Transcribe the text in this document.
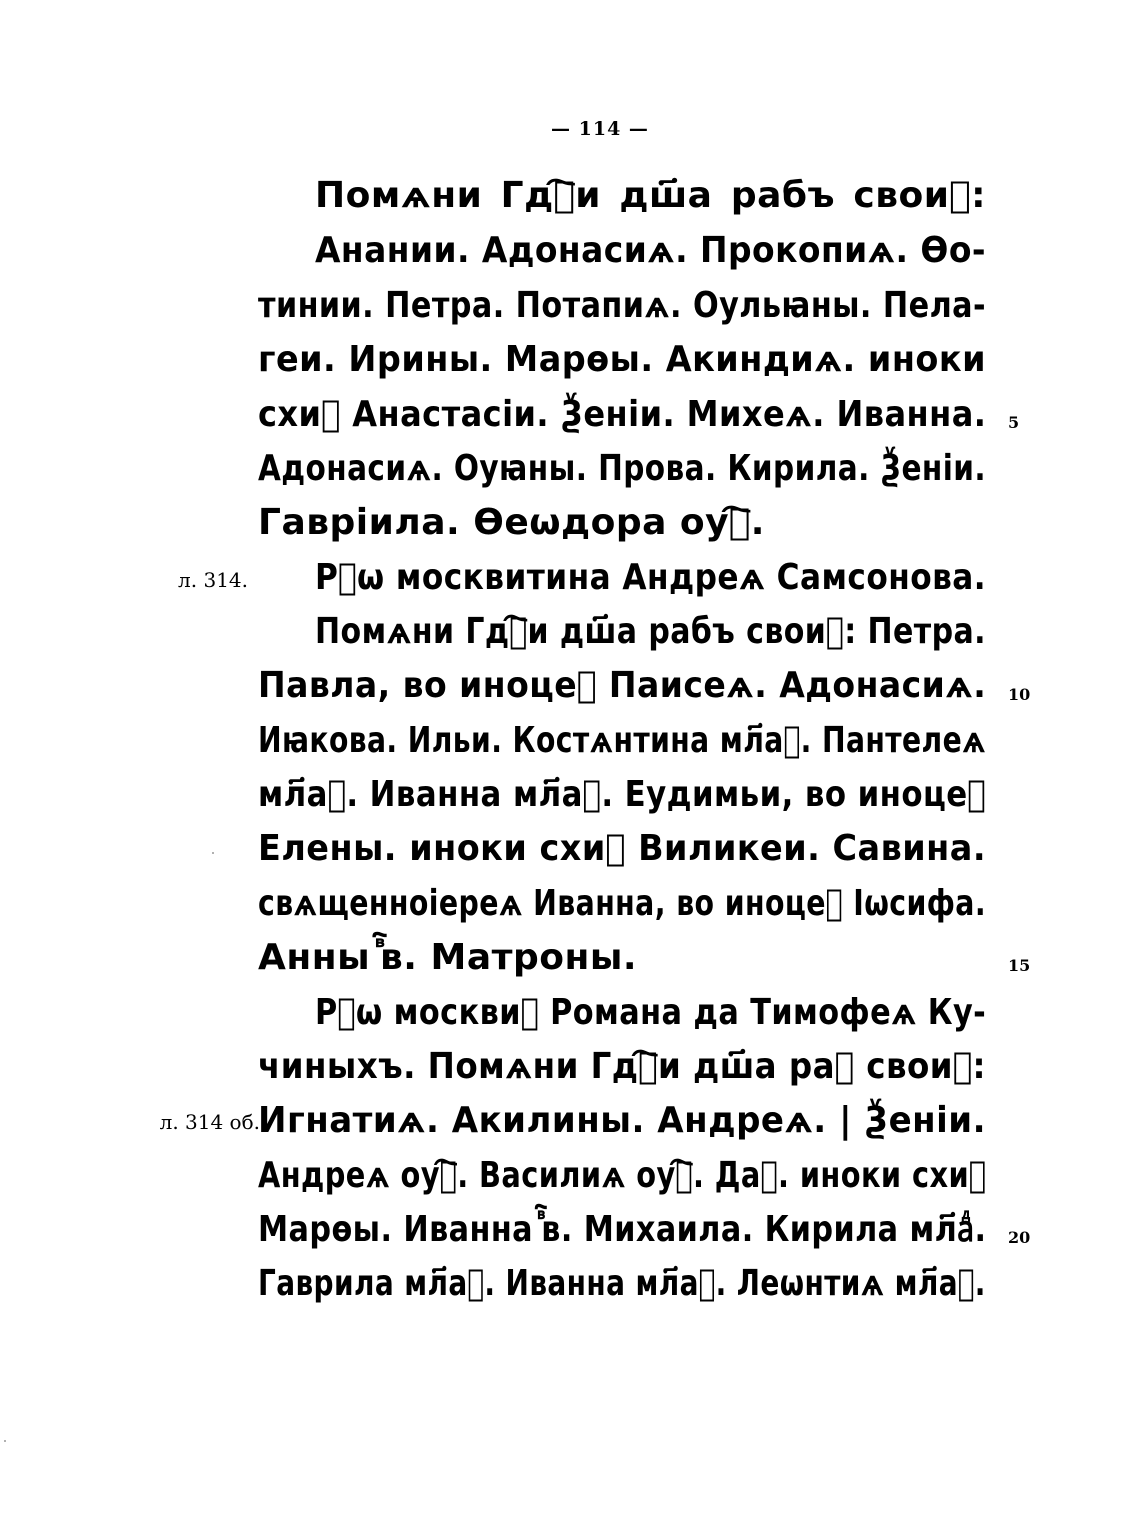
— 114 —
л. 314.
л. 314 об.
Помѧни Гдⷭ҇и дш҃а рабъ своиⷯ:
Анании. Адонасиѧ. Прокопиѧ. Ѳо-
тинии. Петра. Потапиѧ. Оульꙗны. Пела-
геи. Ирины. Марѳы. Акиндиѧ. иноки
схиⷨ Анастасіи. Ѯеніи. Михеѧ. Иванна.
Адонасиѧ. Оуꙗны. Прова. Кирила. Ѯеніи.
Гавріила. Ѳеѡдора оуⷠ҇.
Рⷣѡ москвитина Андреѧ Самсонова.
Помѧни Гдⷭ҇и дш҃а рабъ своиⷯ: Петра.
Павла, во иноцеⷯ Паисеѧ. Адонасиѧ.
Иꙗкова. Ильи. Костѧнтина мл҃аⷣ. Пантелеѧ
мл҃аⷣ. Иванна мл҃аⷣ. Еудимьи, во иноцеⷯ
Елены. иноки схиⷨ Виликеи. Савина.
свѧщенноіереѧ Иванна, во иноцеⷯ Іѡсифа.
Анны ⷡ҇в. Матроны.
Рⷣѡ москвиⷡ Романа да Тимофеѧ Ку-
чиныхъ. Помѧни Гдⷭ҇и дш҃а раⷠ своиⷯ:
Игнатиѧ. Акилины. Андреѧ. | Ѯеніи.
Андреѧ оуⷠ҇. Василиѧ оуⷠ҇. Даⷩ. иноки схиⷨ
Марѳы. Иванна ⷡ҇в. Михаила. Кирила мл҃аⷣ.
Гаврила мл҃аⷣ. Иванна мл҃аⷣ. Леѡнтиѧ мл҃аⷣ.
5
10
15
20
